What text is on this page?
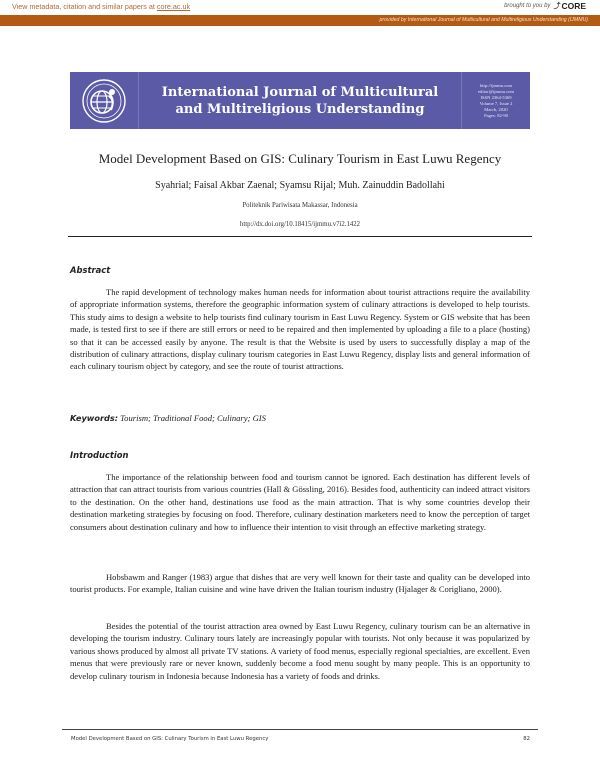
View metadata, citation and similar papers at core.ac.uk	brought to you by ⤴ CORE
provided by International Journal of Multicultural and Multireligious Understanding (IJMMU)
International Journal of Multicultural
and Multireligious Understanding
http://ijmmu.com
editor@ijmmu.com
ISSN 2364-5369
Volume 7, Issue 2
March, 2020
Pages: 82-90
Model Development Based on GIS: Culinary Tourism in East Luwu Regency
Syahrial; Faisal Akbar Zaenal; Syamsu Rijal; Muh. Zainuddin Badollahi
Politeknik Pariwisata Makassar, Indonesia
http://dx.doi.org/10.18415/ijmmu.v7i2.1422
Abstract

The rapid development of technology makes human needs for information about tourist attractions require the availability of appropriate information systems, therefore the geographic information system of culinary attractions is developed to help tourists. This study aims to design a website to help tourists find culinary tourism in East Luwu Regency. System or GIS website that has been made, is tested first to see if there are still errors or need to be repaired and then implemented by uploading a file to a place (hosting) so that it can be accessed easily by anyone. The result is that the Website is used by users to successfully display a map of the distribution of culinary attractions, display culinary tourism categories in East Luwu Regency, display lists and general information of each culinary tourism object by category, and see the route of tourist attractions.

Keywords: Tourism; Traditional Food; Culinary; GIS
Introduction

The importance of the relationship between food and tourism cannot be ignored. Each destination has different levels of attraction that can attract tourists from various countries (Hall & Gössling, 2016). Besides food, authenticity can indeed attract visitors to the destination. On the other hand, destinations use food as the main attraction. That is why some countries develop their destination marketing strategies by focusing on food. Therefore, culinary destination marketers need to know the perception of target consumers about destination culinary and how to influence their intention to visit through an effective marketing strategy.

Hobsbawm and Ranger (1983) argue that dishes that are very well known for their taste and quality can be developed into tourist products. For example, Italian cuisine and wine have driven the Italian tourism industry (Hjalager & Corigliano, 2000).

Besides the potential of the tourist attraction area owned by East Luwu Regency, culinary tourism can be an alternative in developing the tourism industry. Culinary tours lately are increasingly popular with tourists. Not only because it was popularized by various shows produced by almost all private TV stations. A variety of food menus, especially regional specialties, are excellent. Even menus that were previously rare or never known, suddenly become a food menu sought by many people. This is an opportunity to develop culinary tourism in Indonesia because Indonesia has a variety of foods and drinks.

Model Development Based on GIS: Culinary Tourism in East Luwu Regency	82
